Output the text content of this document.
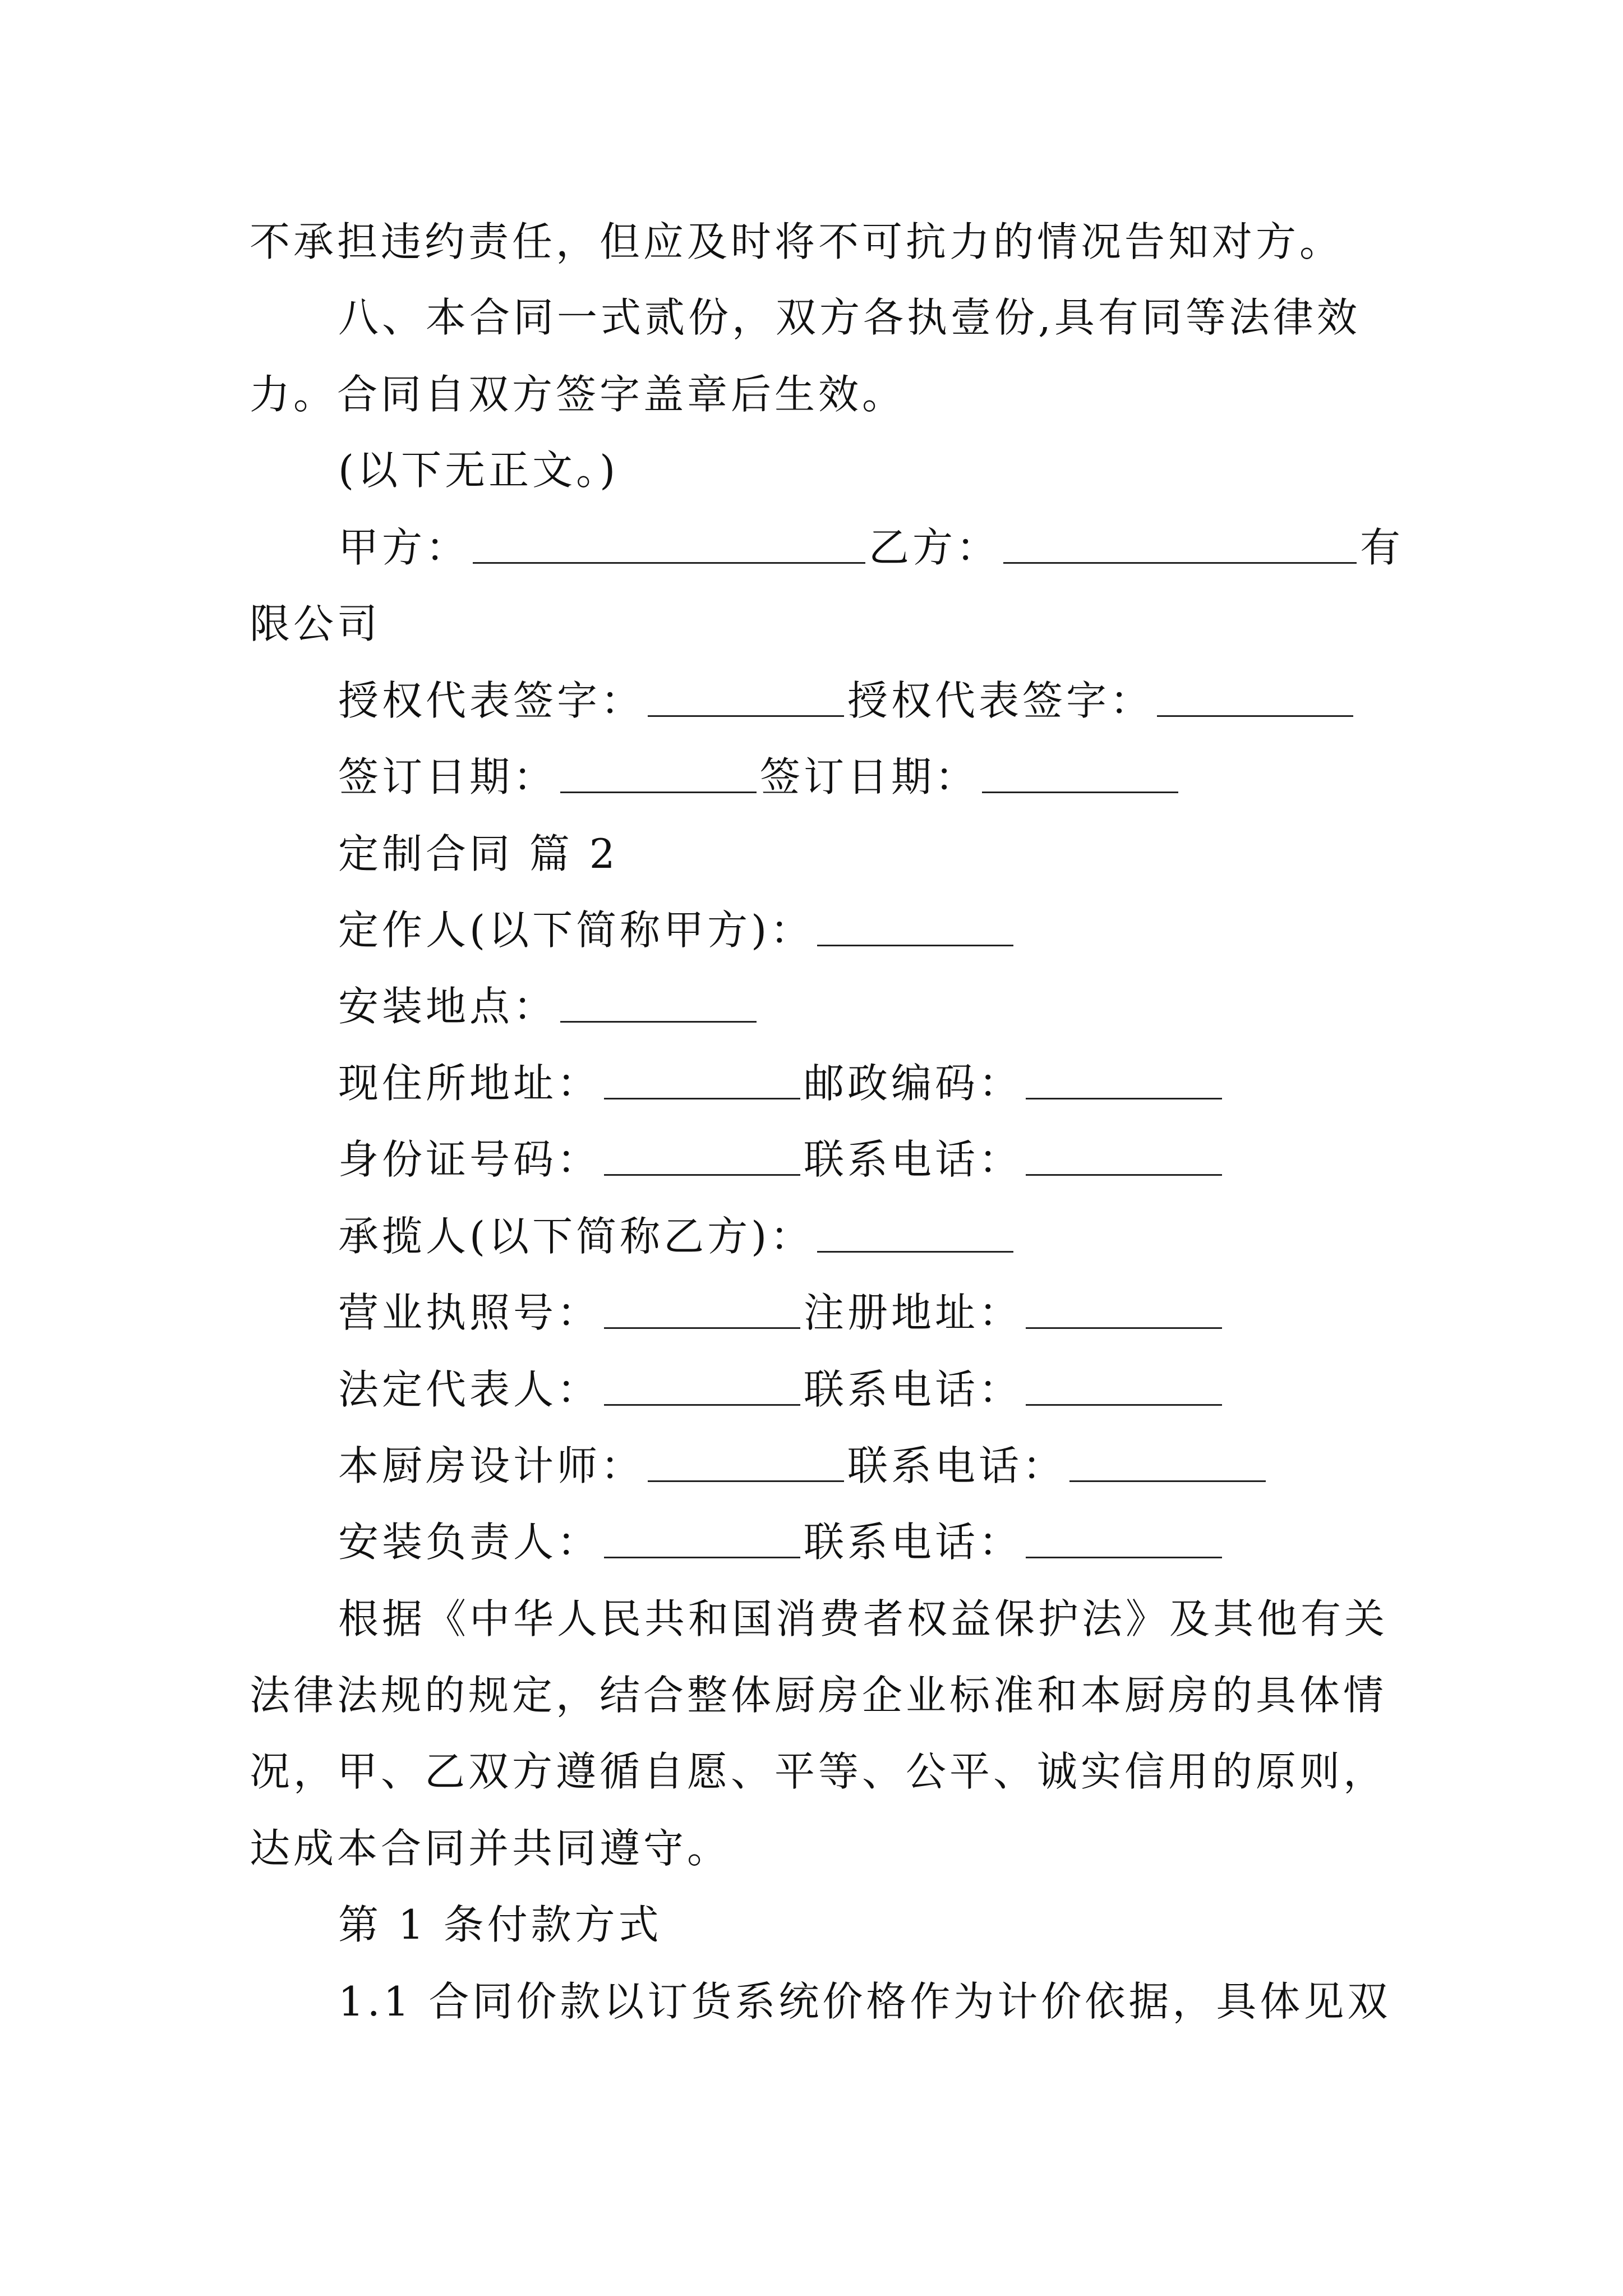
不承担违约责任，但应及时将不可抗力的情况告知对方。
八、本合同一式贰份，双方各执壹份,具有同等法律效
力。合同自双方签字盖章后生效。
(以下无正文。)
甲方：	乙方：	有
限公司
授权代表签字：	授权代表签字：
签订日期：	签订日期：
定制合同 篇 2
定作人(以下简称甲方)：
安装地点：
现住所地址：	邮政编码：
身份证号码：	联系电话：
承揽人(以下简称乙方)：
营业执照号：	注册地址：
法定代表人：	联系电话：
本厨房设计师：	联系电话：
安装负责人：	联系电话：
根据《中华人民共和国消费者权益保护法》及其他有关
法律法规的规定，结合整体厨房企业标准和本厨房的具体情
况，甲、乙双方遵循自愿、平等、公平、诚实信用的原则，
达成本合同并共同遵守。
第 1 条付款方式
1.1 合同价款以订货系统价格作为计价依据，具体见双
